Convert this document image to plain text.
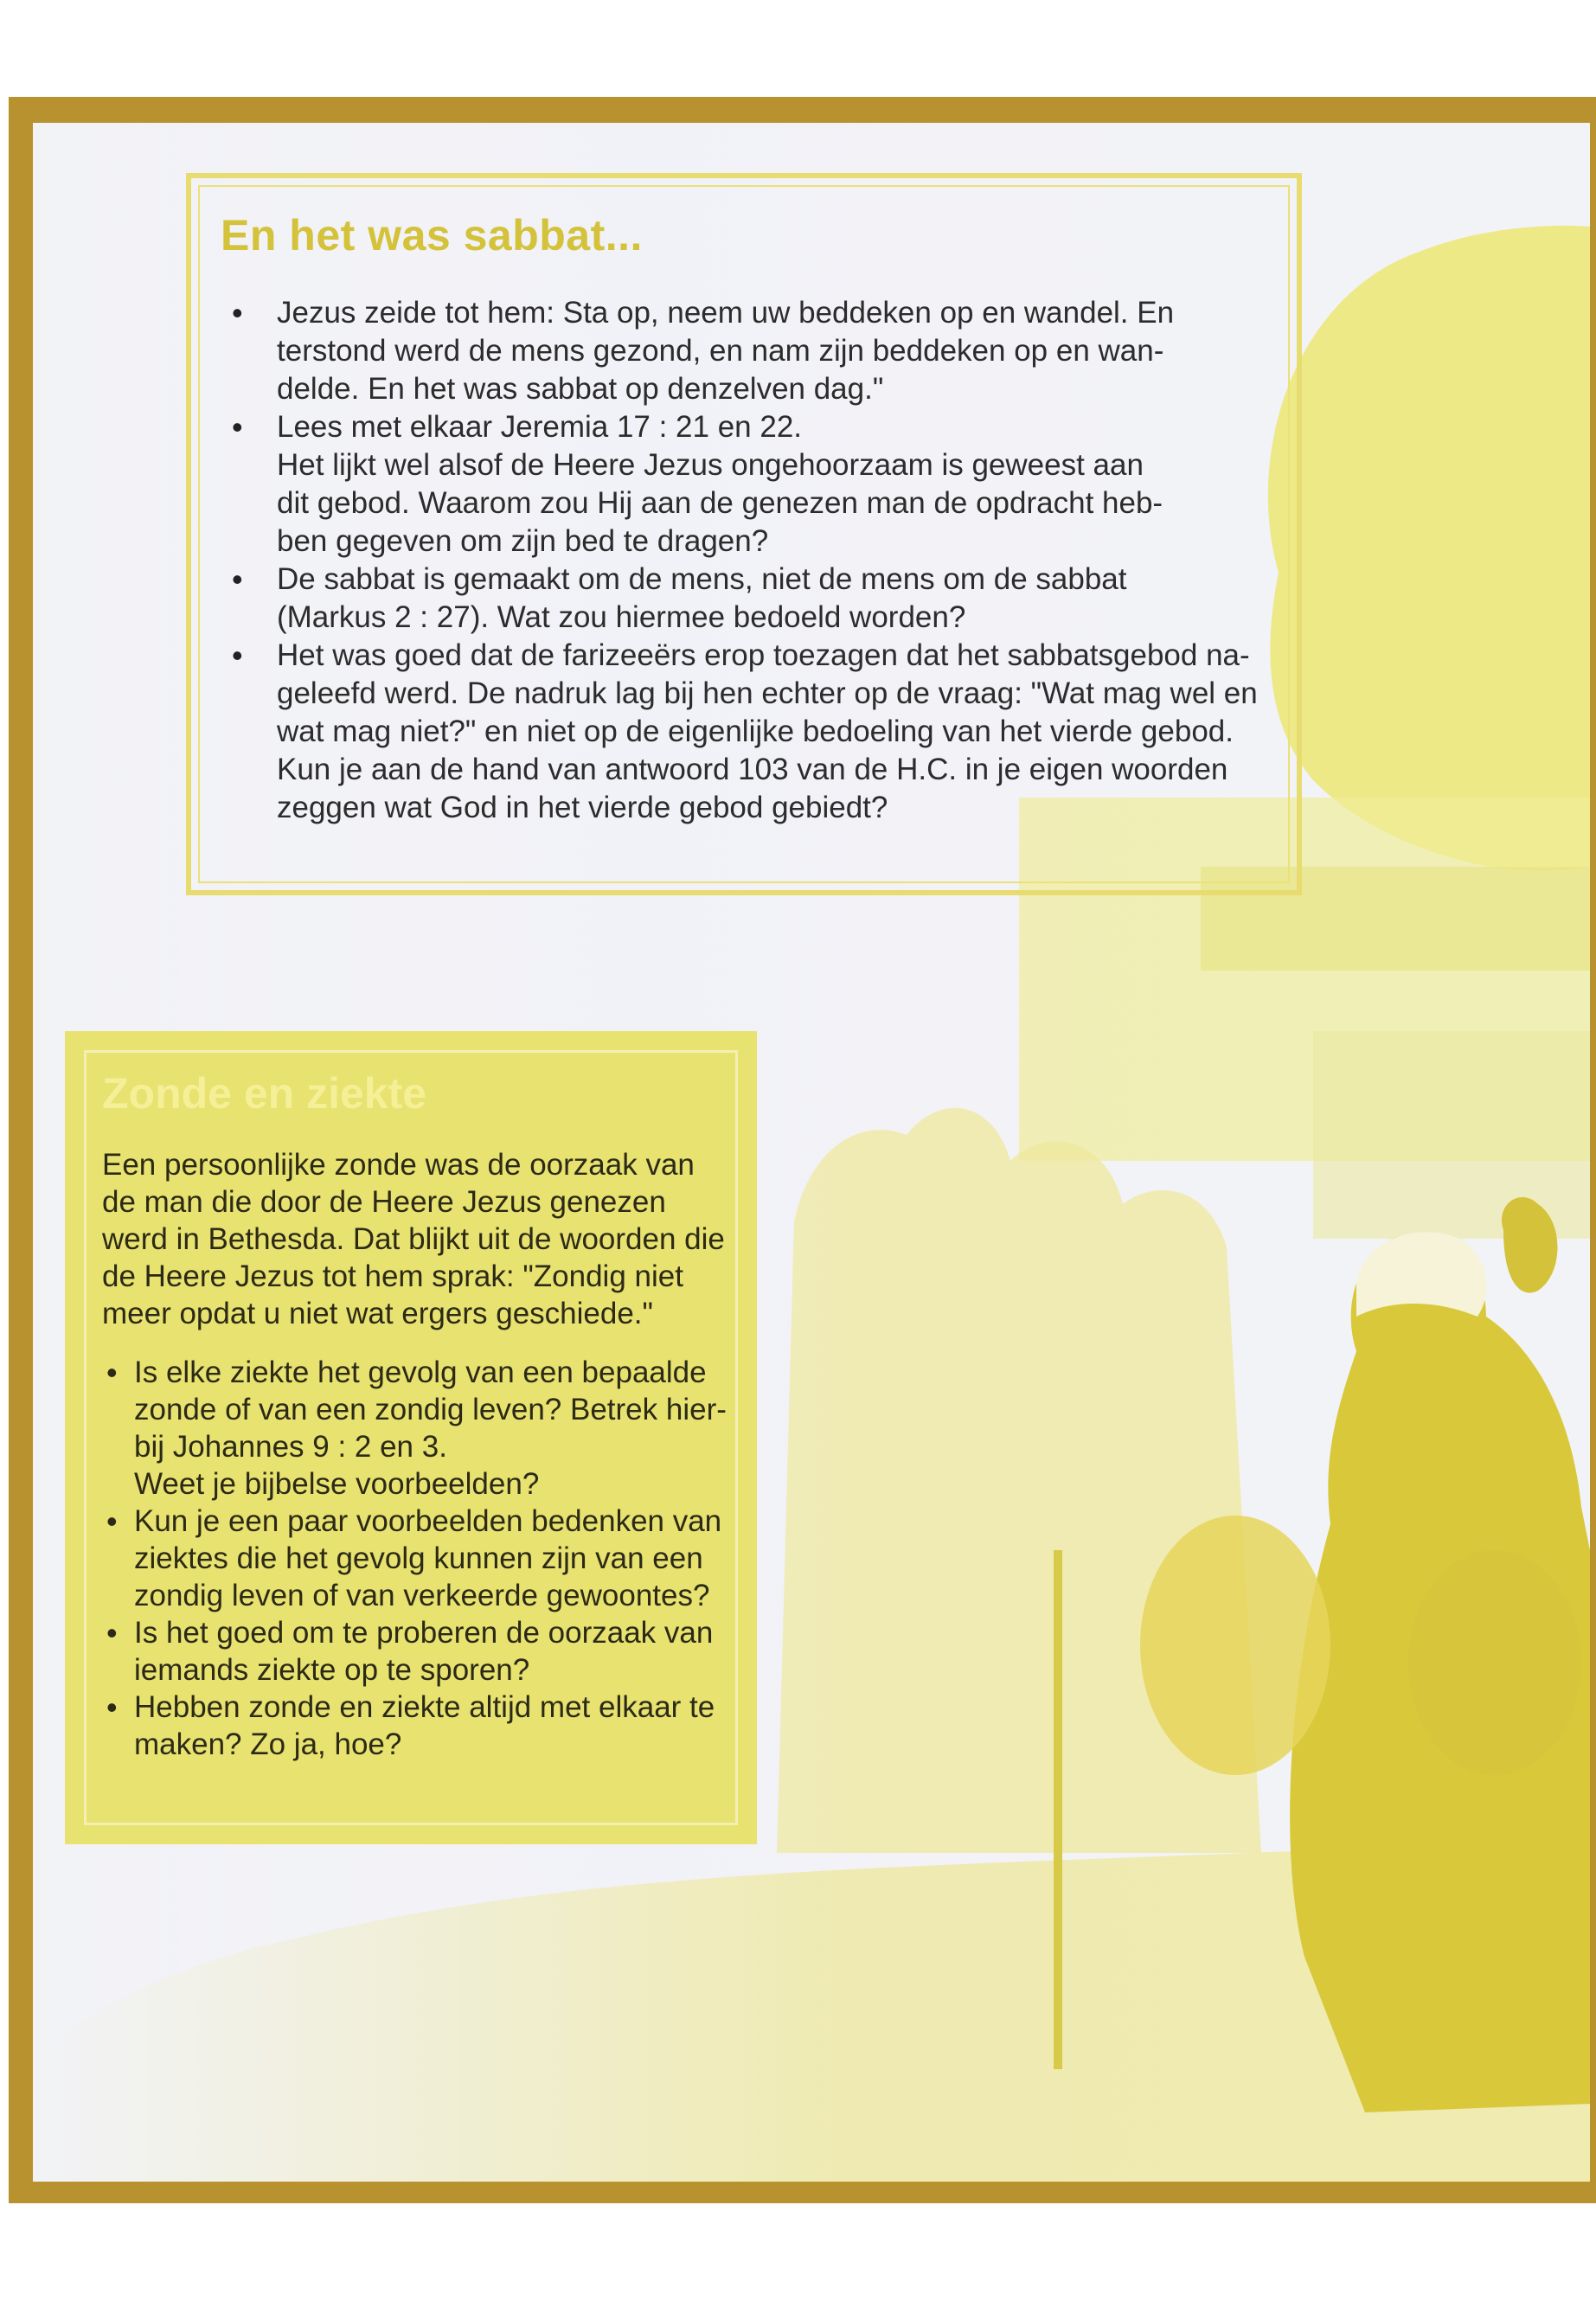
En het was sabbat...
• Jezus zeide tot hem: Sta op, neem uw beddeken op en wandel. En
terstond werd de mens gezond, en nam zijn beddeken op en wan-
delde. En het was sabbat op denzelven dag."
• Lees met elkaar Jeremia 17 : 21 en 22.
Het lijkt wel alsof de Heere Jezus ongehoorzaam is geweest aan
dit gebod. Waarom zou Hij aan de genezen man de opdracht heb-
ben gegeven om zijn bed te dragen?
• De sabbat is gemaakt om de mens, niet de mens om de sabbat
(Markus 2 : 27). Wat zou hiermee bedoeld worden?
• Het was goed dat de farizeeërs erop toezagen dat het sabbatsgebod na-
geleefd werd. De nadruk lag bij hen echter op de vraag: "Wat mag wel en
wat mag niet?" en niet op de eigenlijke bedoeling van het vierde gebod.
Kun je aan de hand van antwoord 103 van de H.C. in je eigen woorden
zeggen wat God in het vierde gebod gebiedt?
Zonde en ziekte

Een persoonlijke zonde was de oorzaak van
de man die door de Heere Jezus genezen
werd in Bethesda. Dat blijkt uit de woorden die
de Heere Jezus tot hem sprak: "Zondig niet
meer opdat u niet wat ergers geschiede."

• Is elke ziekte het gevolg van een bepaalde
zonde of van een zondig leven? Betrek hier-
bij Johannes 9 : 2 en 3.
Weet je bijbelse voorbeelden?
• Kun je een paar voorbeelden bedenken van
ziektes die het gevolg kunnen zijn van een
zondig leven of van verkeerde gewoontes?
• Is het goed om te proberen de oorzaak van
iemands ziekte op te sporen?
• Hebben zonde en ziekte altijd met elkaar te
maken? Zo ja, hoe?
